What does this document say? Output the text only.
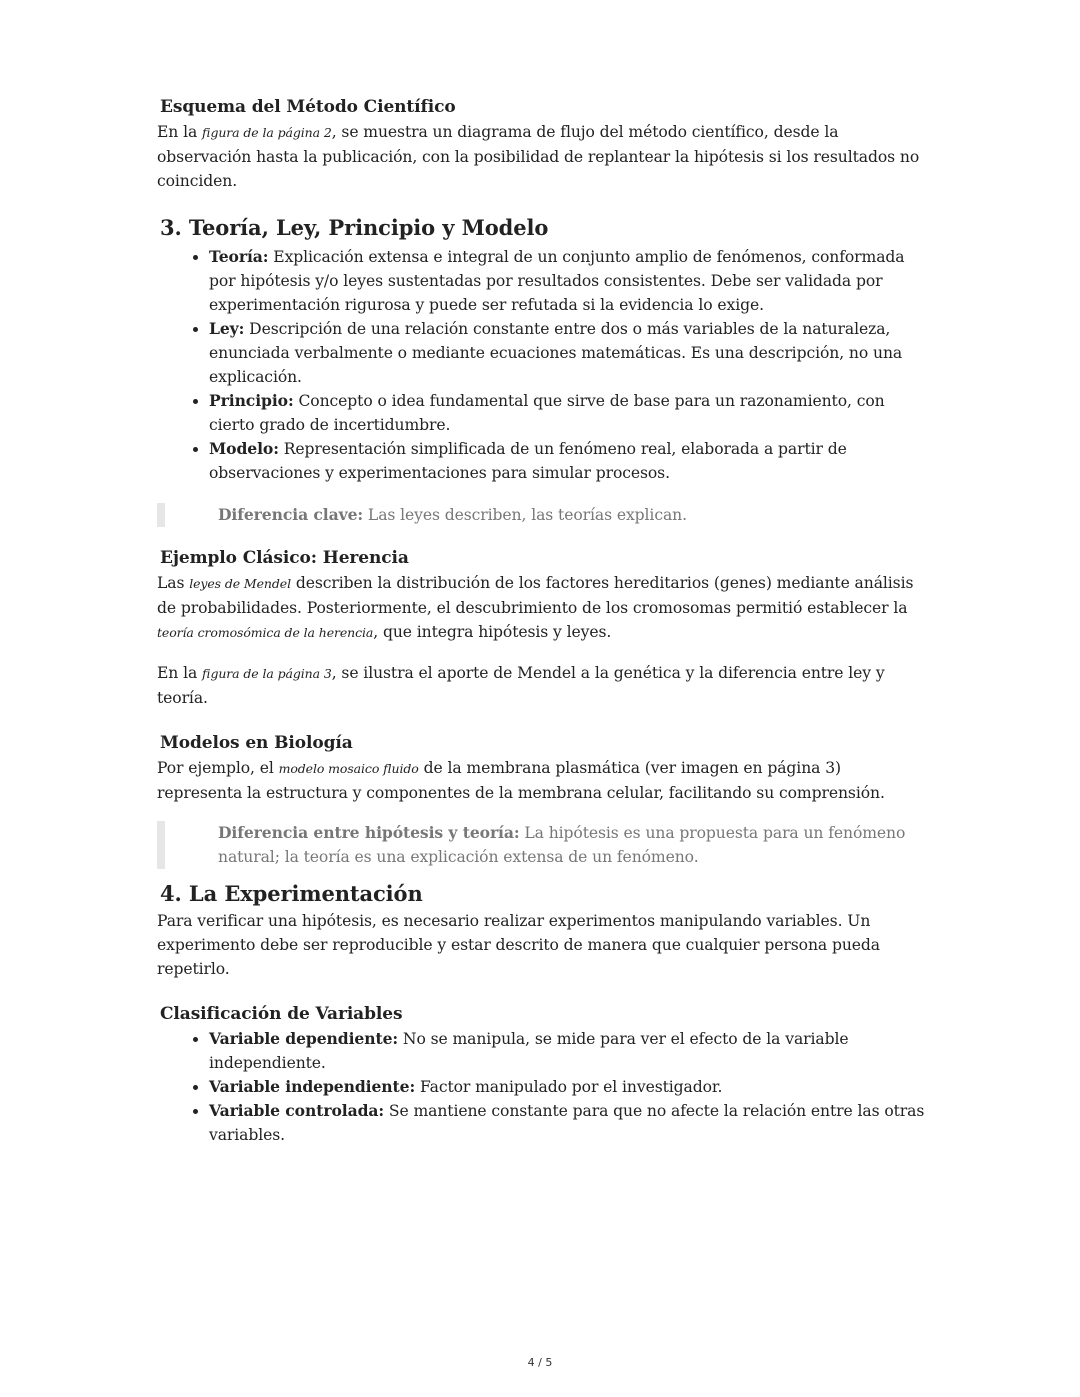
Esquema del Método Científico

En la figura de la página 2, se muestra un diagrama de flujo del método científico, desde la observación hasta la publicación, con la posibilidad de replantear la hipótesis si los resultados no coinciden.

3. Teoría, Ley, Principio y Modelo
• Teoría: Explicación extensa e integral de un conjunto amplio de fenómenos, conformada por hipótesis y/o leyes sustentadas por resultados consistentes. Debe ser validada por experimentación rigurosa y puede ser refutada si la evidencia lo exige.
• Ley: Descripción de una relación constante entre dos o más variables de la naturaleza, enunciada verbalmente o mediante ecuaciones matemáticas. Es una descripción, no una explicación.
• Principio: Concepto o idea fundamental que sirve de base para un razonamiento, con cierto grado de incertidumbre.
• Modelo: Representación simplificada de un fenómeno real, elaborada a partir de observaciones y experimentaciones para simular procesos.

Diferencia clave: Las leyes describen, las teorías explican.

Ejemplo Clásico: Herencia

Las leyes de Mendel describen la distribución de los factores hereditarios (genes) mediante análisis de probabilidades. Posteriormente, el descubrimiento de los cromosomas permitió establecer la teoría cromosómica de la herencia, que integra hipótesis y leyes.

En la figura de la página 3, se ilustra el aporte de Mendel a la genética y la diferencia entre ley y teoría.

Modelos en Biología

Por ejemplo, el modelo mosaico fluido de la membrana plasmática (ver imagen en página 3) representa la estructura y componentes de la membrana celular, facilitando su comprensión.

Diferencia entre hipótesis y teoría: La hipótesis es una propuesta para un fenómeno natural; la teoría es una explicación extensa de un fenómeno.

4. La Experimentación

Para verificar una hipótesis, es necesario realizar experimentos manipulando variables. Un experimento debe ser reproducible y estar descrito de manera que cualquier persona pueda repetirlo.

Clasificación de Variables
• Variable dependiente: No se manipula, se mide para ver el efecto de la variable independiente.
• Variable independiente: Factor manipulado por el investigador.
• Variable controlada: Se mantiene constante para que no afecte la relación entre las otras variables.
4 / 5
